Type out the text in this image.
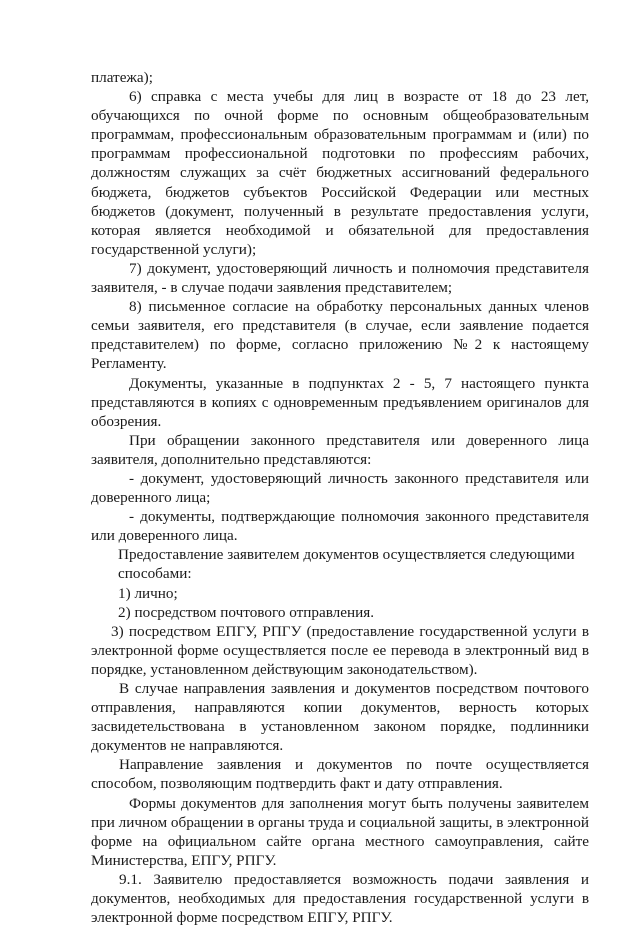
платежа);

6) справка с места учебы для лиц в возрасте от 18 до 23 лет, обучающихся по очной форме по основным общеобразовательным программам, профессиональным образовательным программам и (или) по программам профессиональной подготовки по профессиям рабочих, должностям служащих за счёт бюджетных ассигнований федерального бюджета, бюджетов субъектов Российской Федерации или местных бюджетов (документ, полученный в результате предоставления услуги, которая является необходимой и обязательной для предоставления государственной услуги);

7) документ, удостоверяющий личность и полномочия представителя заявителя, - в случае подачи заявления представителем;

8) письменное согласие на обработку персональных данных членов семьи заявителя, его представителя (в случае, если заявление подается представителем) по форме, согласно приложению №2 к настоящему Регламенту.

Документы, указанные в подпунктах 2 - 5, 7 настоящего пункта представляются в копиях с одновременным предъявлением оригиналов для обозрения.

При обращении законного представителя или доверенного лица заявителя, дополнительно представляются:

- документ, удостоверяющий личность законного представителя или доверенного лица;

- документы, подтверждающие полномочия законного представителя или доверенного лица.

Предоставление заявителем документов осуществляется следующими способами:

1) лично;

2) посредством почтового отправления.

3) посредством ЕПГУ, РПГУ (предоставление государственной услуги в электронной форме осуществляется после ее перевода в электронный вид в порядке, установленном действующим законодательством).

В случае направления заявления и документов посредством почтового отправления, направляются копии документов, верность которых засвидетельствована в установленном законом порядке, подлинники документов не направляются.

Направление заявления и документов по почте осуществляется способом, позволяющим подтвердить факт и дату отправления.

Формы документов для заполнения могут быть получены заявителем при личном обращении в органы труда и социальной защиты, в электронной форме на официальном сайте органа местного самоуправления, сайте Министерства, ЕПГУ, РПГУ.

9.1. Заявителю предоставляется возможность подачи заявления и документов, необходимых для предоставления государственной услуги в электронной форме посредством ЕПГУ, РПГУ.
